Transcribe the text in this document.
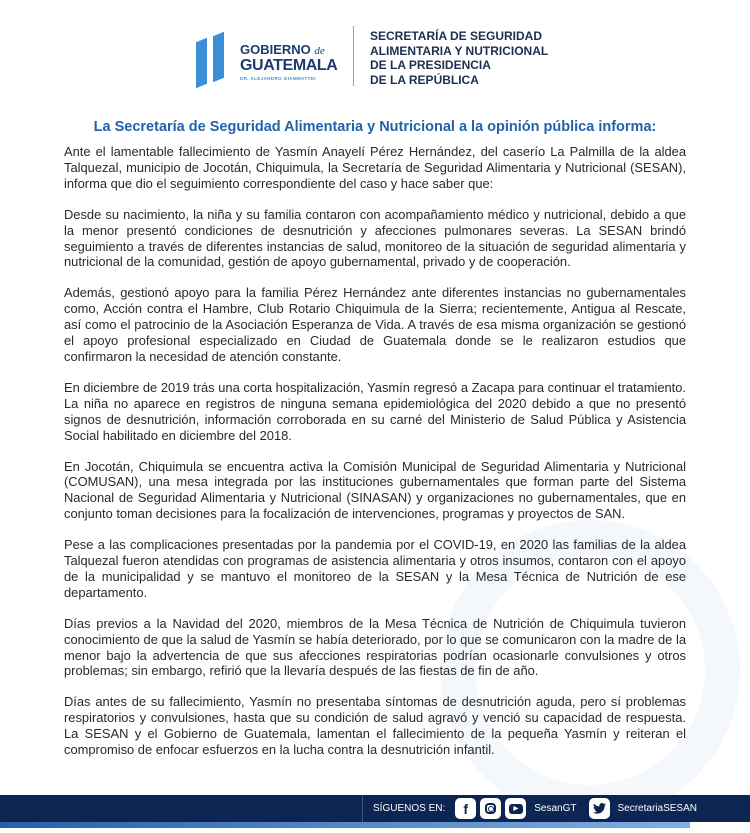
GOBIERNO de
GUATEMALA
DR. ALEJANDRO GIAMMATTEI
SECRETARÍA DE SEGURIDAD
ALIMENTARIA Y NUTRICIONAL
DE LA PRESIDENCIA
DE LA REPÚBLICA
La Secretaría de Seguridad Alimentaria y Nutricional a la opinión pública informa:

Ante el lamentable fallecimiento de Yasmín Anayelí Pérez Hernández, del caserío La Palmilla de la aldea Talquezal, municipio de Jocotán, Chiquimula, la Secretaría de Seguridad Alimentaria y Nutricional (SESAN), informa que dio el seguimiento correspondiente del caso y hace saber que:

Desde su nacimiento, la niña y su familia contaron con acompañamiento médico y nutricional, debido a que la menor presentó condiciones de desnutrición y afecciones pulmonares severas. La SESAN brindó seguimiento a través de diferentes instancias de salud, monitoreo de la situación de seguridad alimentaria y nutricional de la comunidad, gestión de apoyo gubernamental, privado y de cooperación.

Además, gestionó apoyo para la familia Pérez Hernández ante diferentes instancias no gubernamentales como, Acción contra el Hambre, Club Rotario Chiquimula de la Sierra; recientemente, Antigua al Rescate, así como el patrocinio de la Asociación Esperanza de Vida. A través de esa misma organización se gestionó el apoyo profesional especializado en Ciudad de Guatemala donde se le realizaron estudios que confirmaron la necesidad de atención constante.

En diciembre de 2019 trás una corta hospitalización, Yasmín regresó a Zacapa para continuar el tratamiento. La niña no aparece en registros de ninguna semana epidemiológica del 2020 debido a que no presentó signos de desnutrición, información corroborada en su carné del Ministerio de Salud Pública y Asistencia Social habilitado en diciembre del 2018.

En Jocotán, Chiquimula se encuentra activa la Comisión Municipal de Seguridad Alimentaria y Nutricional (COMUSAN), una mesa integrada por las instituciones gubernamentales que forman parte del Sistema Nacional de Seguridad Alimentaria y Nutricional (SINASAN) y organizaciones no gubernamentales, que en conjunto toman decisiones para la focalización de intervenciones, programas y proyectos de SAN.

Pese a las complicaciones presentadas por la pandemia por el COVID-19, en 2020 las familias de la aldea Talquezal fueron atendidas con programas de asistencia alimentaria y otros insumos, contaron con el apoyo de la municipalidad y se mantuvo el monitoreo de la SESAN y la Mesa Técnica de Nutrición de ese departamento.

Días previos a la Navidad del 2020, miembros de la Mesa Técnica de Nutrición de Chiquimula tuvieron conocimiento de que la salud de Yasmín se había deteriorado, por lo que se comunicaron con la madre de la menor bajo la advertencia de que sus afecciones respiratorias podrían ocasionarle convulsiones y otros problemas; sin embargo, refirió que la llevaría después de las fiestas de fin de año.

Días antes de su fallecimiento, Yasmín no presentaba síntomas de desnutrición aguda, pero sí problemas respiratorios y convulsiones, hasta que su condición de salud agravó y venció su capacidad de respuesta. La SESAN y el Gobierno de Guatemala, lamentan el fallecimiento de la pequeña Yasmín y reiteran el compromiso de enfocar esfuerzos en la lucha contra la desnutrición infantil.

SÍGUENOS EN:	f	▶	SesanGT	SecretariaSESAN
